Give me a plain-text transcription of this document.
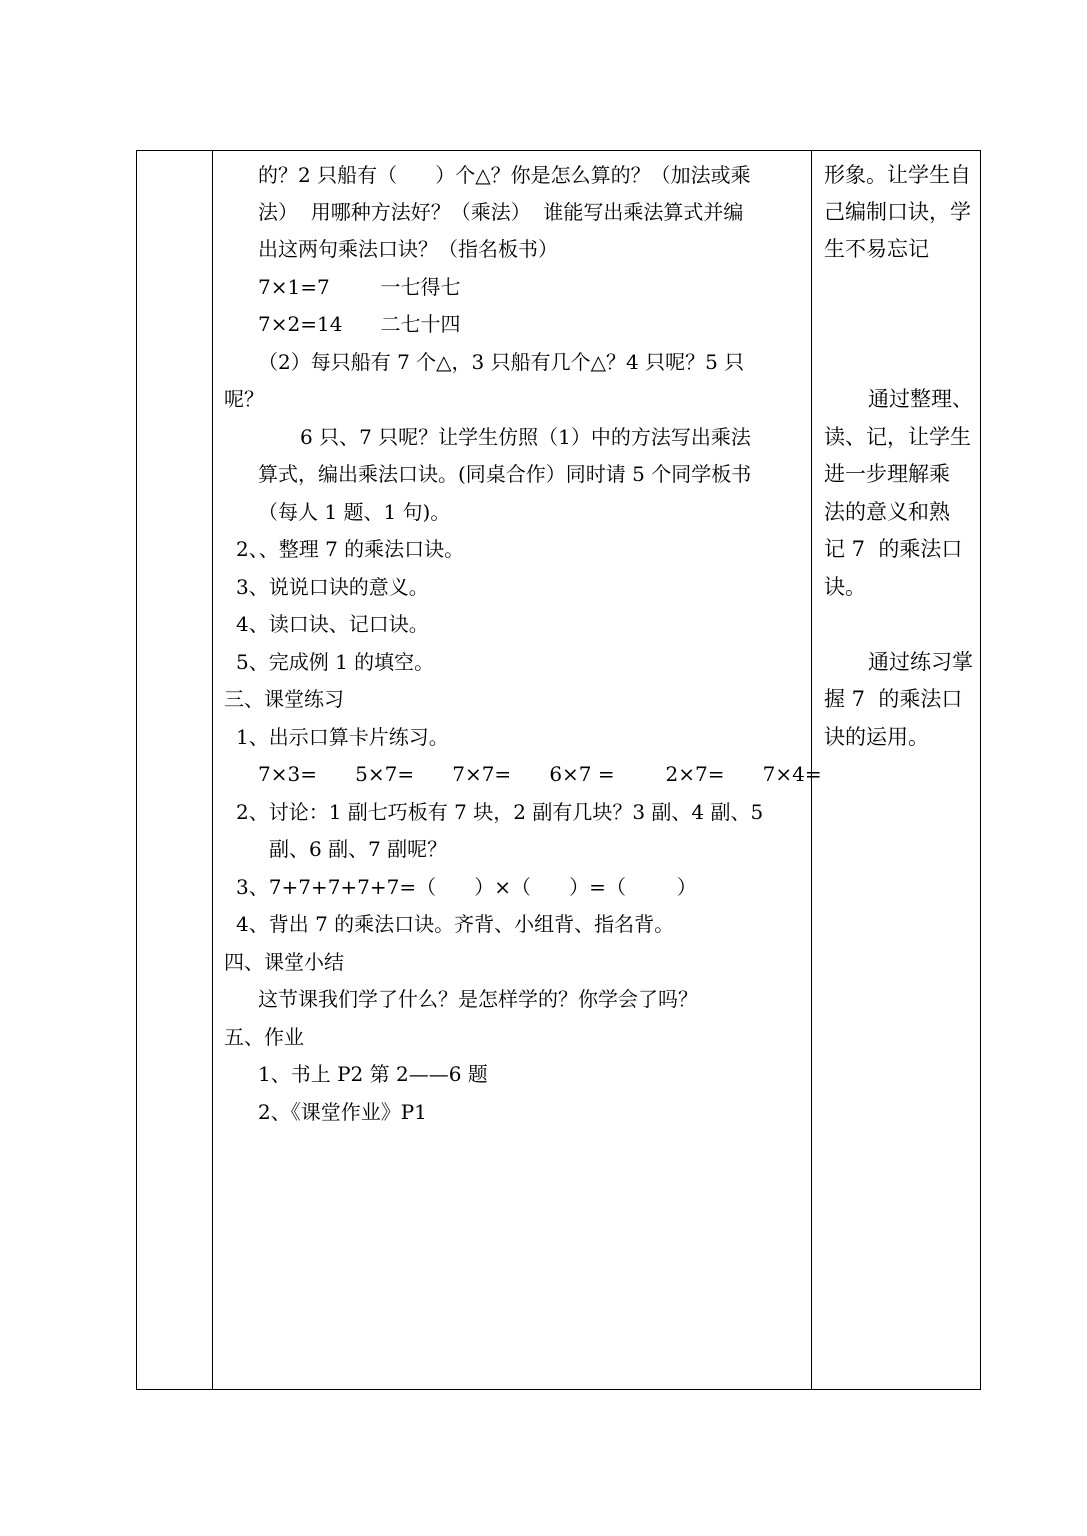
的？2 只船有（      ）个△？你是怎么算的？（加法或乘
法）  用哪种方法好？（乘法）  谁能写出乘法算式并编
出这两句乘法口诀？（指名板书）
7×1=7        一七得七
7×2=14      二七十四
（2）每只船有 7 个△，3 只船有几个△？4 只呢？5 只
呢？
6 只、7 只呢？让学生仿照（1）中的方法写出乘法
算式，编出乘法口诀。(同桌合作）同时请 5 个同学板书
（每人 1 题、1 句)。
2、、整理 7 的乘法口诀。
3、说说口诀的意义。
4、读口诀、记口诀。
5、完成例 1 的填空。
三、课堂练习
1、出示口算卡片练习。
7×3=      5×7=      7×7=      6×7 =        2×7=      7×4=
2、讨论：1 副七巧板有 7 块，2 副有几块？3 副、4 副、5
副、6 副、7 副呢？
3、7+7+7+7+7=（      ）×（      ）=（        ）
4、背出 7 的乘法口诀。齐背、小组背、指名背。
四、课堂小结
这节课我们学了什么？是怎样学的？你学会了吗？
五、作业
1、书上 P2 第 2——6 题
2、《课堂作业》P1
形象。让学生自
己编制口诀，学
生不易忘记
通过整理、
读、记，让学生
进一步理解乘
法的意义和熟
记 7  的乘法口
诀。
通过练习掌
握 7  的乘法口
诀的运用。
